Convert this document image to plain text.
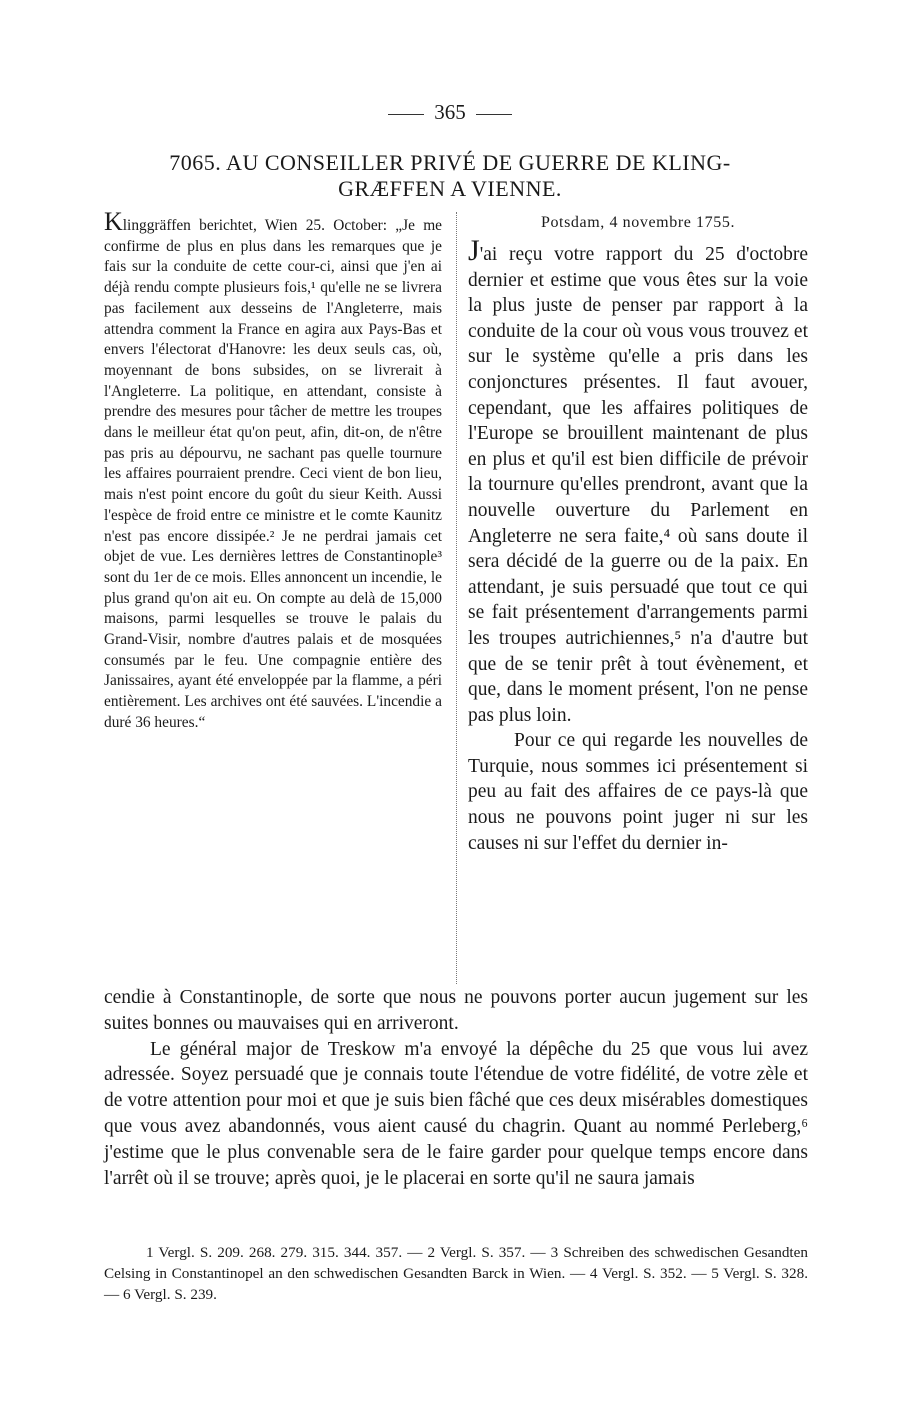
365
7065. AU CONSEILLER PRIVÉ DE GUERRE DE KLING-
GRÆFFEN A VIENNE.

Klinggräffen berichtet, Wien 25. October: „Je me confirme de plus en plus dans les remarques que je fais sur la conduite de cette cour-ci, ainsi que j'en ai déjà rendu compte plusieurs fois,¹ qu'elle ne se livrera pas facilement aux desseins de l'Angleterre, mais attendra comment la France en agira aux Pays-Bas et envers l'électorat d'Hanovre: les deux seuls cas, où, moyennant de bons subsides, on se livrerait à l'Angleterre. La politique, en attendant, consiste à prendre des mesures pour tâcher de mettre les troupes dans le meilleur état qu'on peut, afin, dit-on, de n'être pas pris au dépourvu, ne sachant pas quelle tournure les affaires pourraient prendre. Ceci vient de bon lieu, mais n'est point encore du goût du sieur Keith. Aussi l'espèce de froid entre ce ministre et le comte Kaunitz n'est pas encore dissipée.² Je ne perdrai jamais cet objet de vue. Les dernières lettres de Constantinople³ sont du 1er de ce mois. Elles annoncent un incendie, le plus grand qu'on ait eu. On compte au delà de 15,000 maisons, parmi lesquelles se trouve le palais du Grand-Visir, nombre d'autres palais et de mosquées consumés par le feu. Une compagnie entière des Janissaires, ayant été enveloppée par la flamme, a péri entièrement. Les archives ont été sauvées. L'incendie a duré 36 heures.“

Potsdam, 4 novembre 1755.

J'ai reçu votre rapport du 25 d'octobre dernier et estime que vous êtes sur la voie la plus juste de penser par rapport à la conduite de la cour où vous vous trouvez et sur le système qu'elle a pris dans les conjonctures présentes. Il faut avouer, cependant, que les affaires politiques de l'Europe se brouillent maintenant de plus en plus et qu'il est bien difficile de prévoir la tournure qu'elles prendront, avant que la nouvelle ouverture du Parlement en Angleterre ne sera faite,⁴ où sans doute il sera décidé de la guerre ou de la paix. En attendant, je suis persuadé que tout ce qui se fait présentement d'arrangements parmi les troupes autrichiennes,⁵ n'a d'autre but que de se tenir prêt à tout évènement, et que, dans le moment présent, l'on ne pense pas plus loin.

Pour ce qui regarde les nouvelles de Turquie, nous sommes ici présentement si peu au fait des affaires de ce pays-là que nous ne pouvons point juger ni sur les causes ni sur l'effet du dernier in-

cendie à Constantinople, de sorte que nous ne pouvons porter aucun jugement sur les suites bonnes ou mauvaises qui en arriveront.

Le général major de Treskow m'a envoyé la dépêche du 25 que vous lui avez adressée. Soyez persuadé que je connais toute l'étendue de votre fidélité, de votre zèle et de votre attention pour moi et que je suis bien fâché que ces deux misérables domestiques que vous avez abandonnés, vous aient causé du chagrin. Quant au nommé Perleberg,⁶ j'estime que le plus convenable sera de le faire garder pour quelque temps encore dans l'arrêt où il se trouve; après quoi, je le placerai en sorte qu'il ne saura jamais

1 Vergl. S. 209. 268. 279. 315. 344. 357. — 2 Vergl. S. 357. — 3 Schreiben des schwedischen Gesandten Celsing in Constantinopel an den schwedischen Gesandten Barck in Wien. — 4 Vergl. S. 352. — 5 Vergl. S. 328. — 6 Vergl. S. 239.
